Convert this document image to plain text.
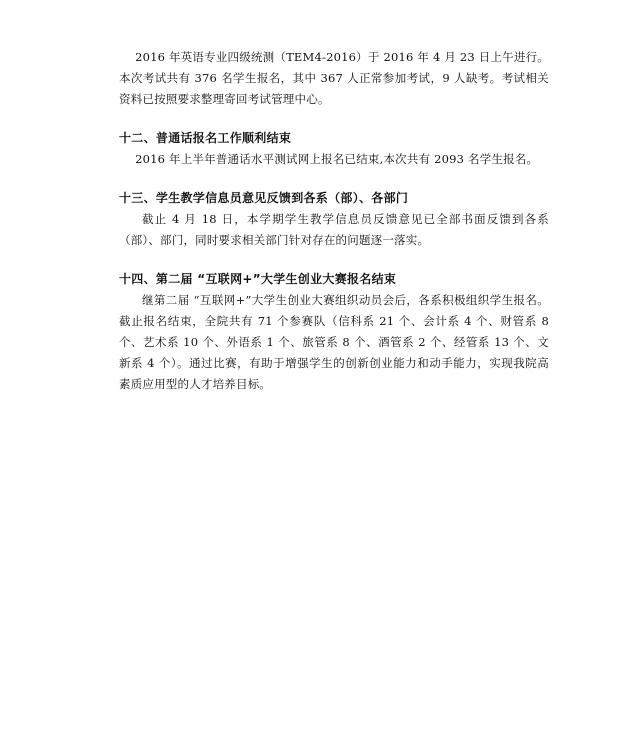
2016 年英语专业四级统测（TEM4-2016）于 2016 年 4 月 23 日上午进行。本次考试共有 376 名学生报名，其中 367 人正常参加考试，9 人缺考。考试相关资料已按照要求整理寄回考试管理中心。

十二、普通话报名工作顺利结束

2016 年上半年普通话水平测试网上报名已结束,本次共有 2093 名学生报名。

十三、学生教学信息员意见反馈到各系（部）、各部门

截止 4 月 18 日，本学期学生教学信息员反馈意见已全部书面反馈到各系（部）、部门，同时要求相关部门针对存在的问题逐一落实。

十四、第二届 “互联网+”大学生创业大赛报名结束

继第二届 “互联网+”大学生创业大赛组织动员会后，各系积极组织学生报名。截止报名结束，全院共有 71 个参赛队（信科系 21 个、会计系 4 个、财管系 8 个、艺术系 10 个、外语系 1 个、旅管系 8 个、酒管系 2 个、经管系 13 个、文新系 4 个）。通过比赛，有助于增强学生的创新创业能力和动手能力，实现我院高素质应用型的人才培养目标。
